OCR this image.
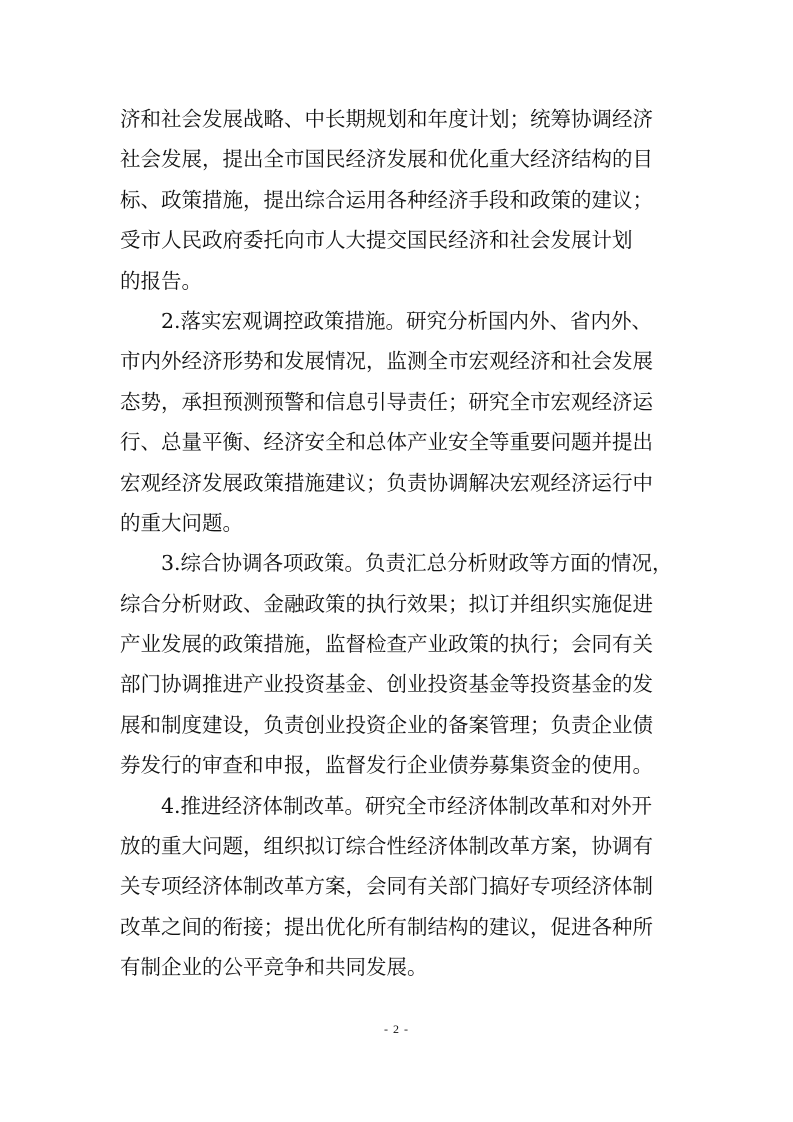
济和社会发展战略、中长期规划和年度计划；统筹协调经济
社会发展，提出全市国民经济发展和优化重大经济结构的目
标、政策措施，提出综合运用各种经济手段和政策的建议；
受市人民政府委托向市人大提交国民经济和社会发展计划
的报告。
2.落实宏观调控政策措施。研究分析国内外、省内外、
市内外经济形势和发展情况，监测全市宏观经济和社会发展
态势，承担预测预警和信息引导责任；研究全市宏观经济运
行、总量平衡、经济安全和总体产业安全等重要问题并提出
宏观经济发展政策措施建议；负责协调解决宏观经济运行中
的重大问题。
3.综合协调各项政策。负责汇总分析财政等方面的情况，
综合分析财政、金融政策的执行效果；拟订并组织实施促进
产业发展的政策措施，监督检查产业政策的执行；会同有关
部门协调推进产业投资基金、创业投资基金等投资基金的发
展和制度建设，负责创业投资企业的备案管理；负责企业债
券发行的审查和申报，监督发行企业债券募集资金的使用。
4.推进经济体制改革。研究全市经济体制改革和对外开
放的重大问题，组织拟订综合性经济体制改革方案，协调有
关专项经济体制改革方案，会同有关部门搞好专项经济体制
改革之间的衔接；提出优化所有制结构的建议，促进各种所
有制企业的公平竞争和共同发展。
- 2 -
